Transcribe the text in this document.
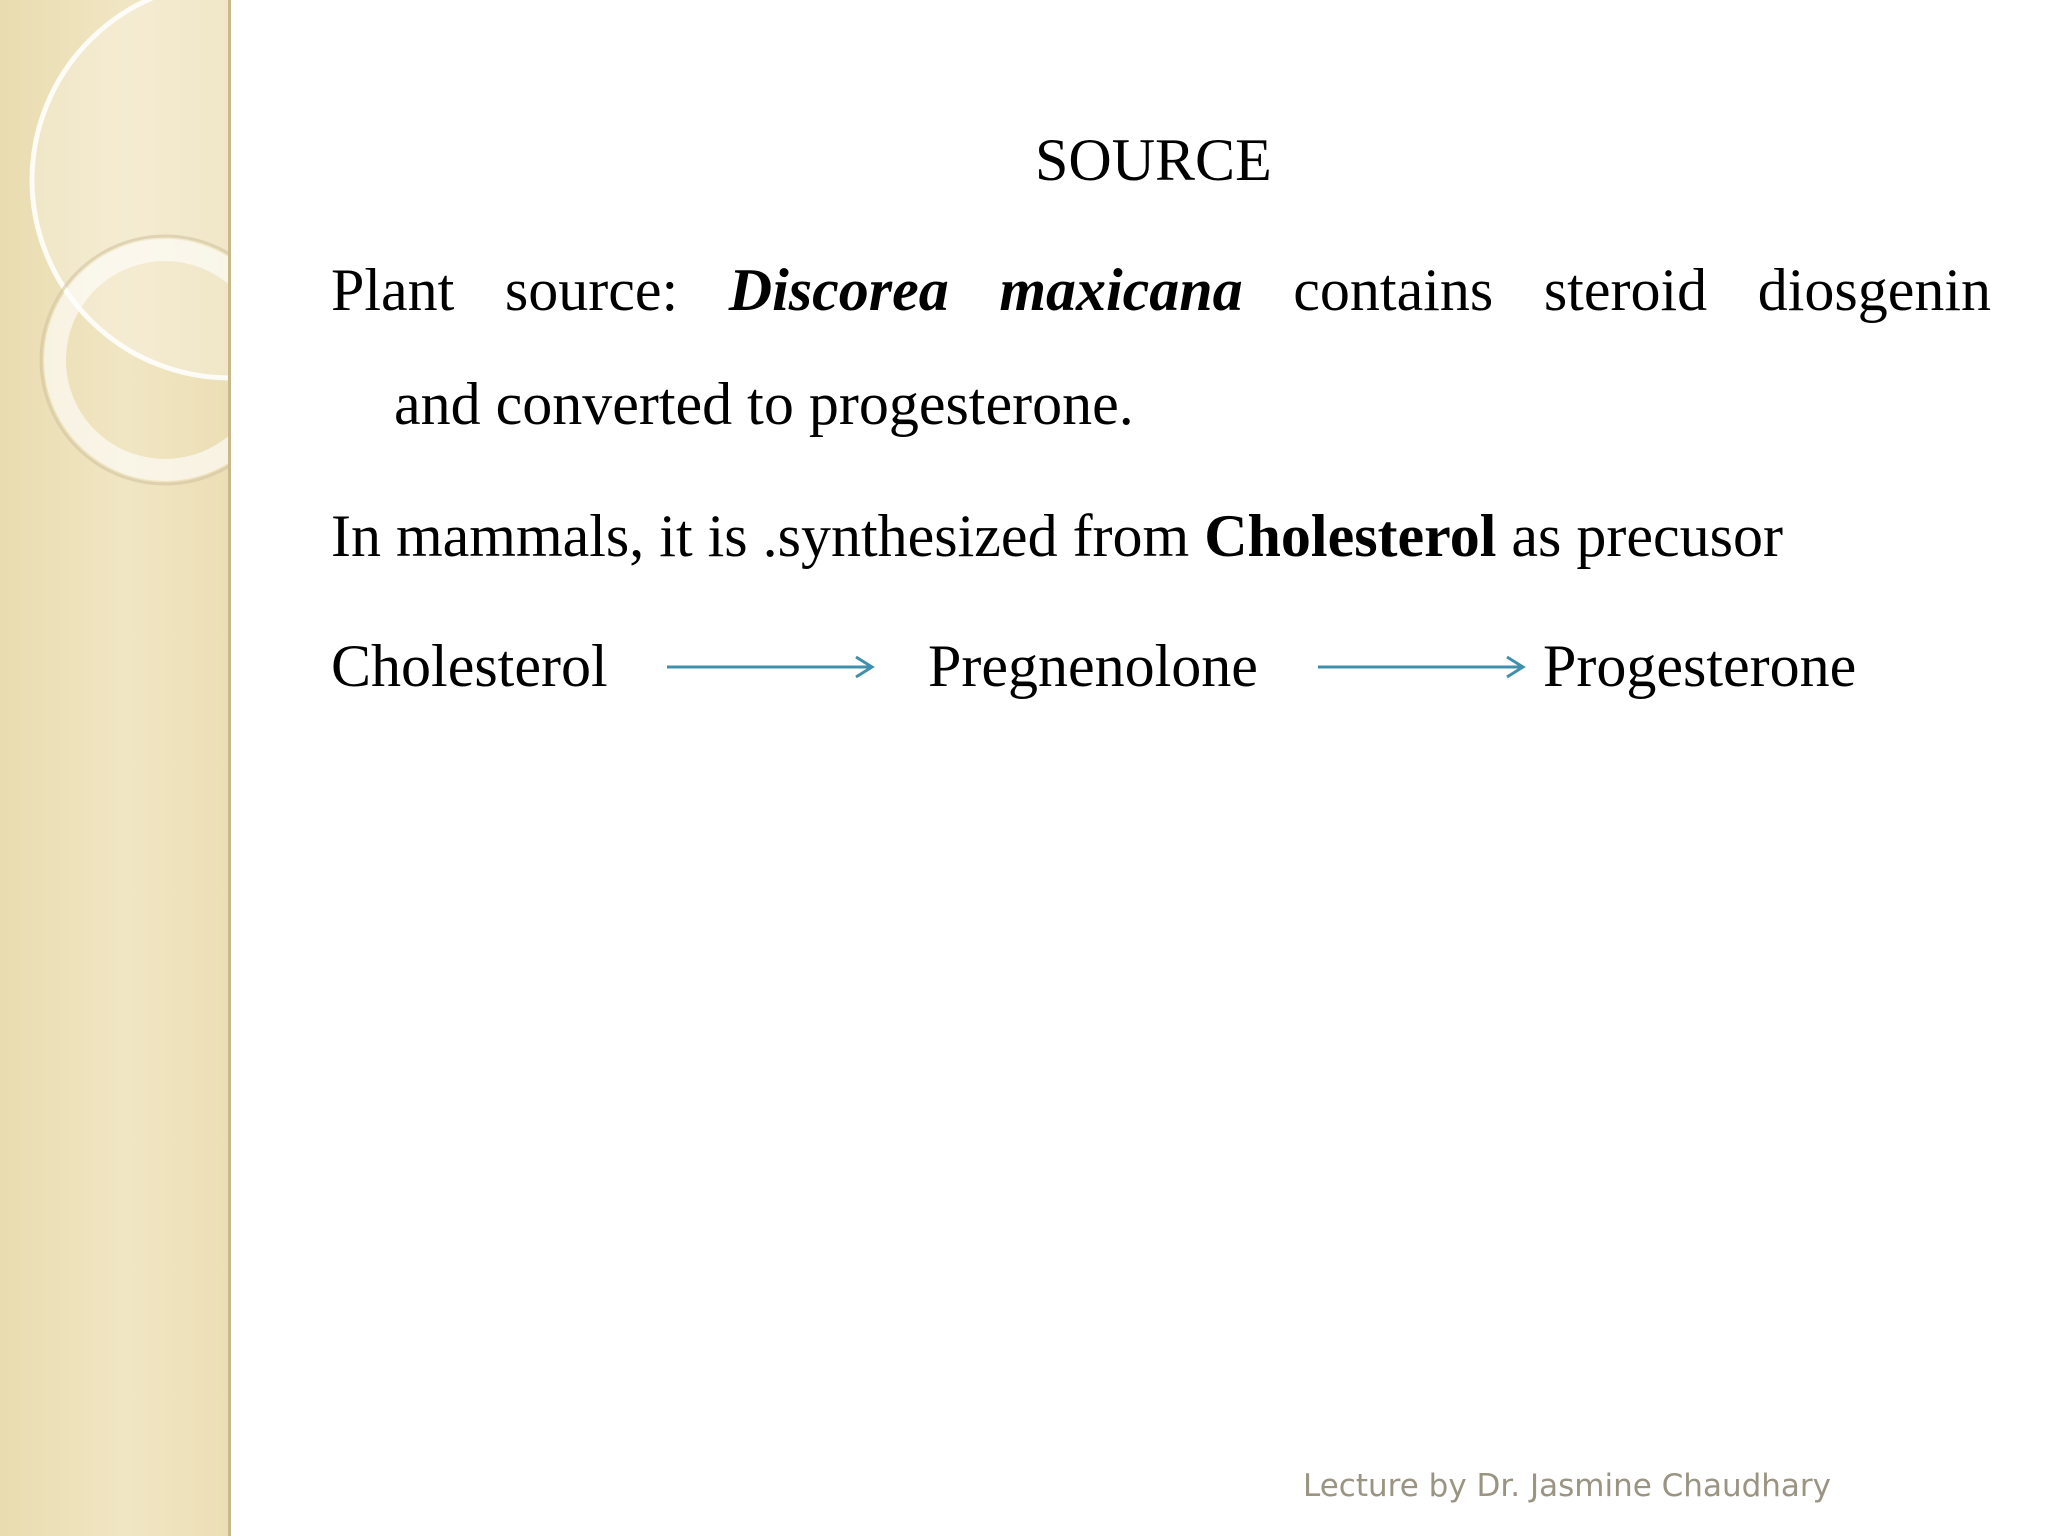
SOURCE
Plant source: Discorea maxicana contains steroid diosgenin
and converted to progesterone.
In mammals, it is .synthesized from Cholesterol as precusor
Cholesterol	Pregnenolone	Progesterone
Lecture by Dr. Jasmine Chaudhary
